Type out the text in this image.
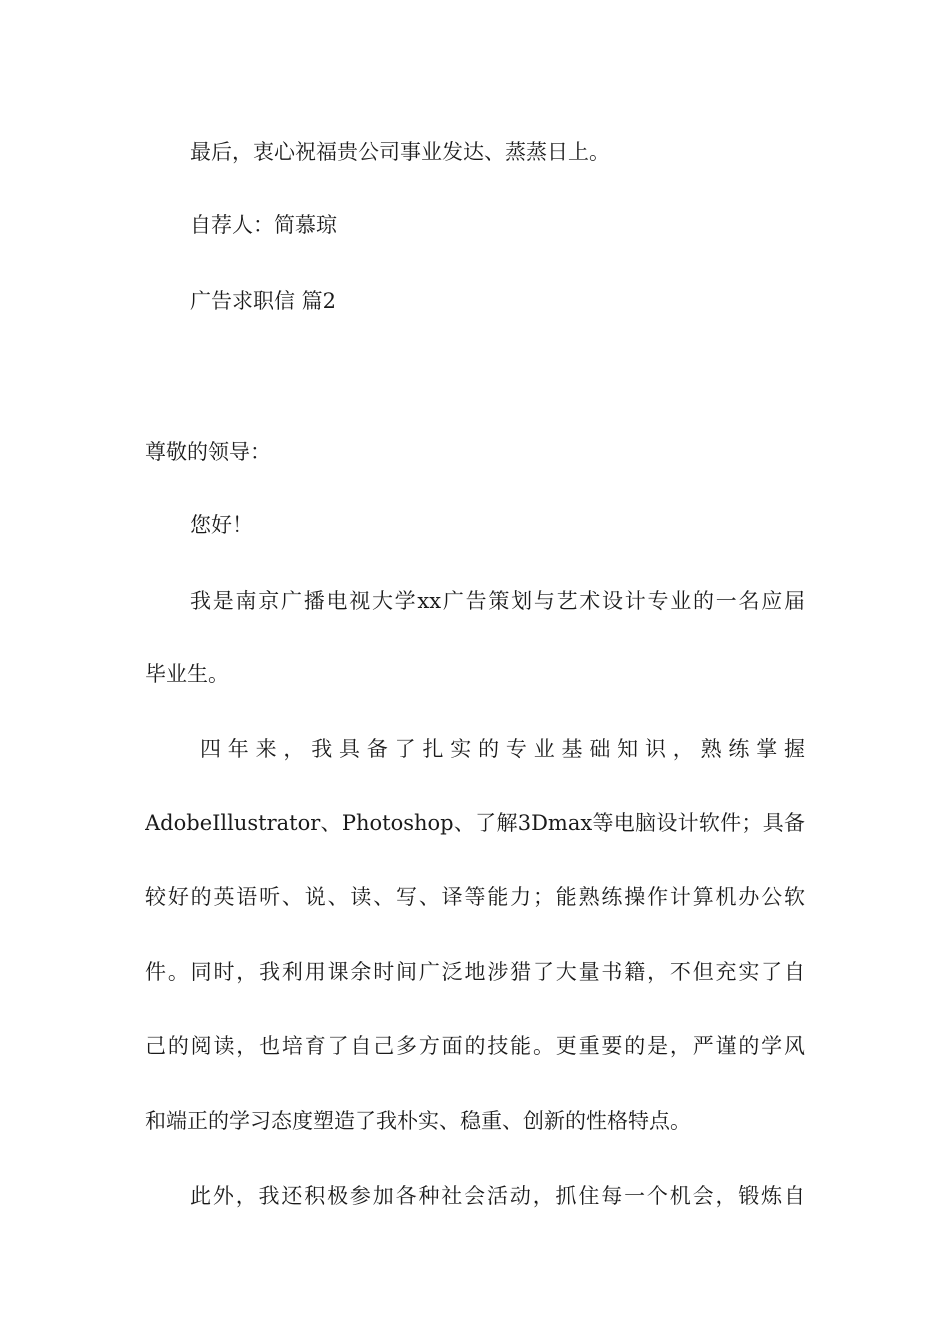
最后，衷心祝福贵公司事业发达、蒸蒸日上。
自荐人：简慕琼
广告求职信 篇2
尊敬的领导：
您好！
我是南京广播电视大学xx广告策划与艺术设计专业的一名应届
毕业生。
四年来，我具备了扎实的专业基础知识，熟练掌握
AdobeIllustrator、Photoshop、了解3Dmax等电脑设计软件；具备
较好的英语听、说、读、写、译等能力；能熟练操作计算机办公软
件。同时，我利用课余时间广泛地涉猎了大量书籍，不但充实了自
己的阅读，也培育了自己多方面的技能。更重要的是，严谨的学风
和端正的学习态度塑造了我朴实、稳重、创新的性格特点。
此外，我还积极参加各种社会活动，抓住每一个机会，锻炼自
